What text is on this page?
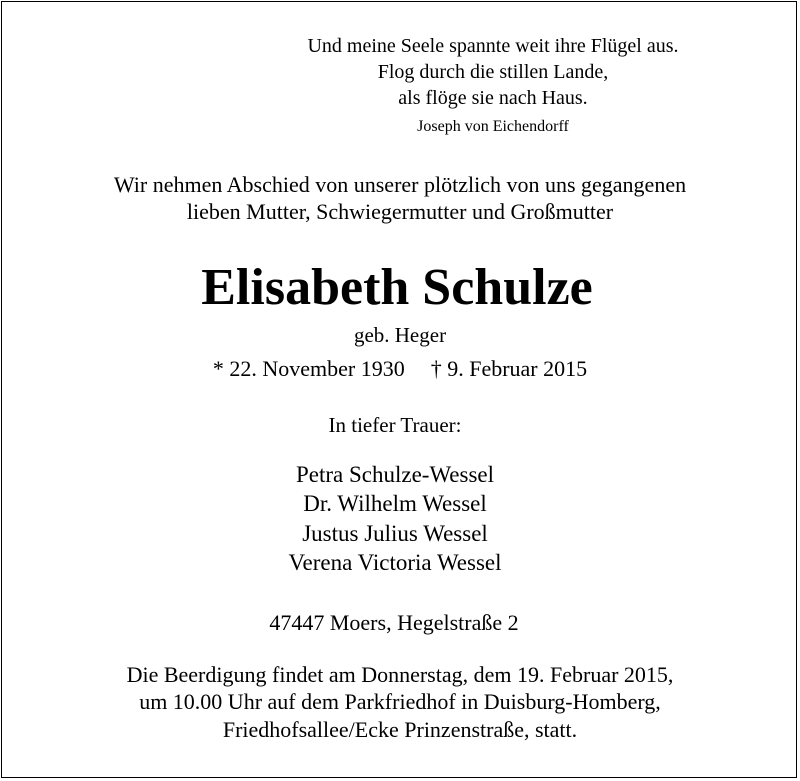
Und meine Seele spannte weit ihre Flügel aus.
Flog durch die stillen Lande,
als flöge sie nach Haus.
Joseph von Eichendorff
Wir nehmen Abschied von unserer plötzlich von uns gegangenen
lieben Mutter, Schwiegermutter und Großmutter
Elisabeth Schulze
geb. Heger
* 22. November 1930 † 9. Februar 2015
In tiefer Trauer:
Petra Schulze-Wessel
Dr. Wilhelm Wessel
Justus Julius Wessel
Verena Victoria Wessel
47447 Moers, Hegelstraße 2
Die Beerdigung findet am Donnerstag, dem 19. Februar 2015,
um 10.00 Uhr auf dem Parkfriedhof in Duisburg-Homberg,
Friedhofsallee/Ecke Prinzenstraße, statt.
